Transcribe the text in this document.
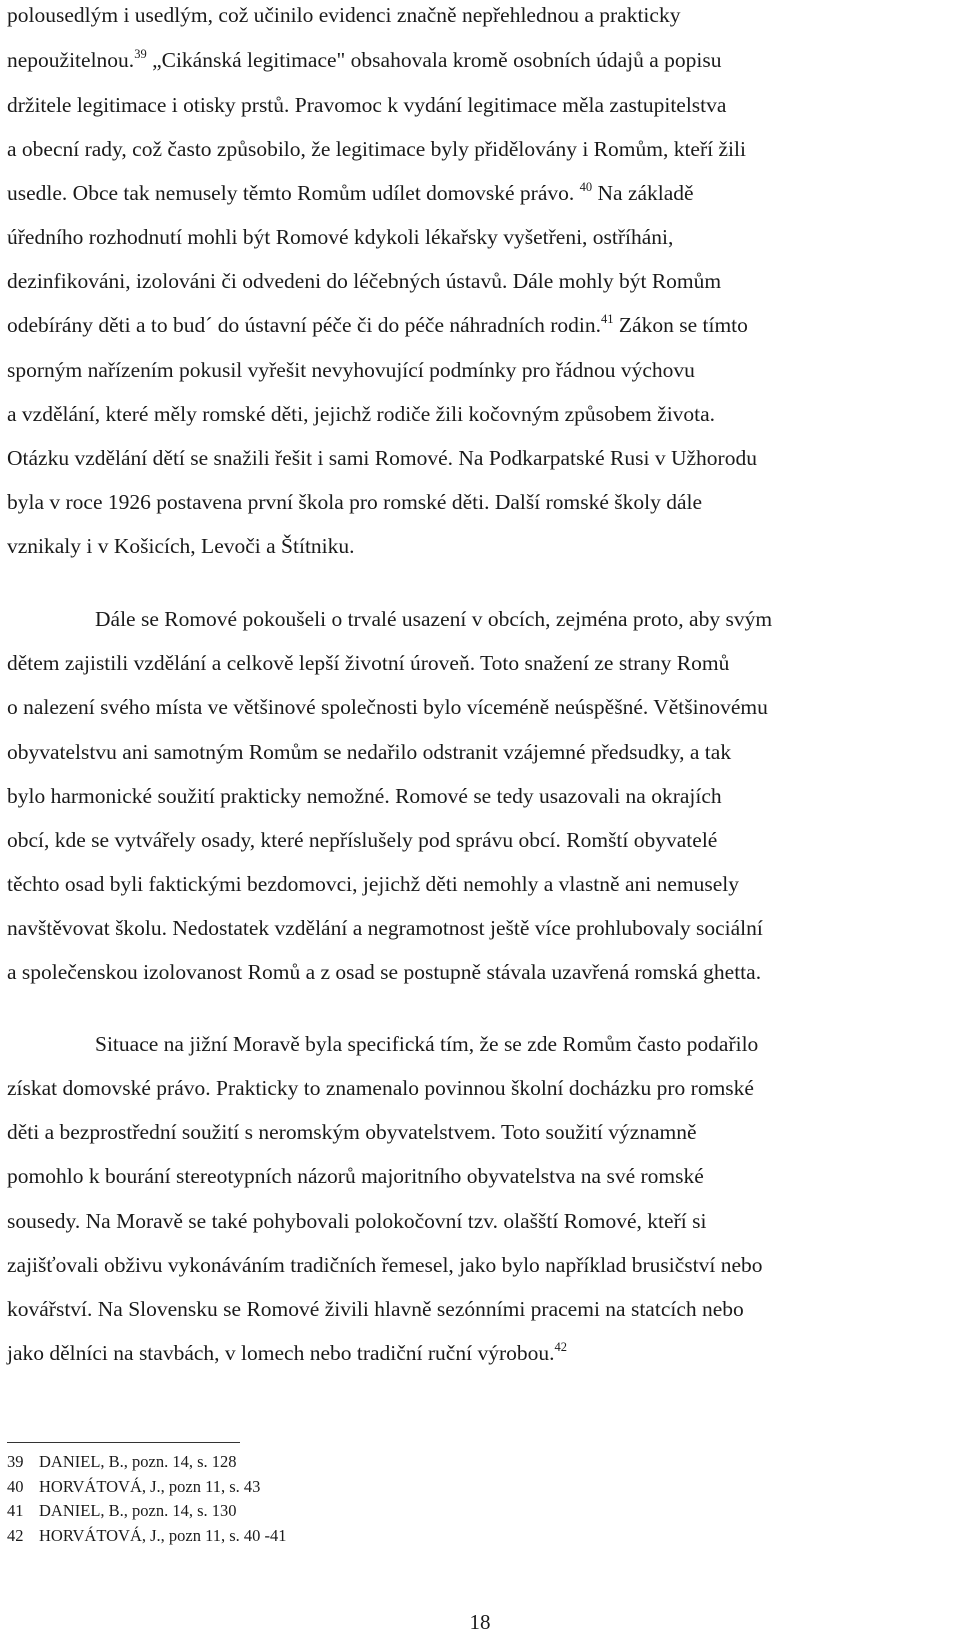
polousedlým i usedlým, což učinilo evidenci značně nepřehlednou a prakticky

nepoužitelnou.$^{39}$ „Cikánská legitimace" obsahovala kromě osobních údajů a popisu

držitele legitimace i otisky prstů. Pravomoc k vydání legitimace měla zastupitelstva

a obecní rady, což často způsobilo, že legitimace byly přidělovány i Romům, kteří žili

usedle. Obce tak nemusely těmto Romům udílet domovské právo. $^{40}$ Na základě

úředního rozhodnutí mohli být Romové kdykoli lékařsky vyšetřeni, ostříháni,

dezinfikováni, izolováni či odvedeni do léčebných ústavů. Dále mohly být Romům

odebírány děti a to bud´ do ústavní péče či do péče náhradních rodin.$^{41}$ Zákon se tímto

sporným nařízením pokusil vyřešit nevyhovující podmínky pro řádnou výchovu

a vzdělání, které měly romské děti, jejichž rodiče žili kočovným způsobem života.

Otázku vzdělání dětí se snažili řešit i sami Romové. Na Podkarpatské Rusi v Užhorodu

byla v roce 1926 postavena první škola pro romské děti. Další romské školy dále

vznikaly i v Košicích, Levoči a Štítniku.

Dále se Romové pokoušeli o trvalé usazení v obcích, zejména proto, aby svým

dětem zajistili vzdělání a celkově lepší životní úroveň. Toto snažení ze strany Romů

o nalezení svého místa ve většinové společnosti bylo víceméně neúspěšné. Většinovému

obyvatelstvu ani samotným Romům se nedařilo odstranit vzájemné předsudky, a tak

bylo harmonické soužití prakticky nemožné. Romové se tedy usazovali na okrajích

obcí, kde se vytvářely osady, které nepříslušely pod správu obcí. Romští obyvatelé

těchto osad byli faktickými bezdomovci, jejichž děti nemohly a vlastně ani nemusely

navštěvovat školu. Nedostatek vzdělání a negramotnost ještě více prohlubovaly sociální

a společenskou izolovanost Romů a z osad se postupně stávala uzavřená romská ghetta.

Situace na jižní Moravě byla specifická tím, že se zde Romům často podařilo

získat domovské právo. Prakticky to znamenalo povinnou školní docházku pro romské

děti a bezprostřední soužití s neromským obyvatelstvem. Toto soužití významně

pomohlo k bourání stereotypních názorů majoritního obyvatelstva na své romské

sousedy. Na Moravě se také pohybovali polokočovní tzv. olašští Romové, kteří si

zajišťovali obživu vykonáváním tradičních řemesel, jako bylo například brusičství nebo

kovářství. Na Slovensku se Romové živili hlavně sezónními pracemi na statcích nebo

jako dělníci na stavbách, v lomech nebo tradiční ruční výrobou.$^{42}$

39 DANIEL, B., pozn. 14, s. 128
40 HORVÁTOVÁ, J., pozn 11, s. 43
41 DANIEL, B., pozn. 14, s. 130
42 HORVÁTOVÁ, J., pozn 11, s. 40 -41
18
